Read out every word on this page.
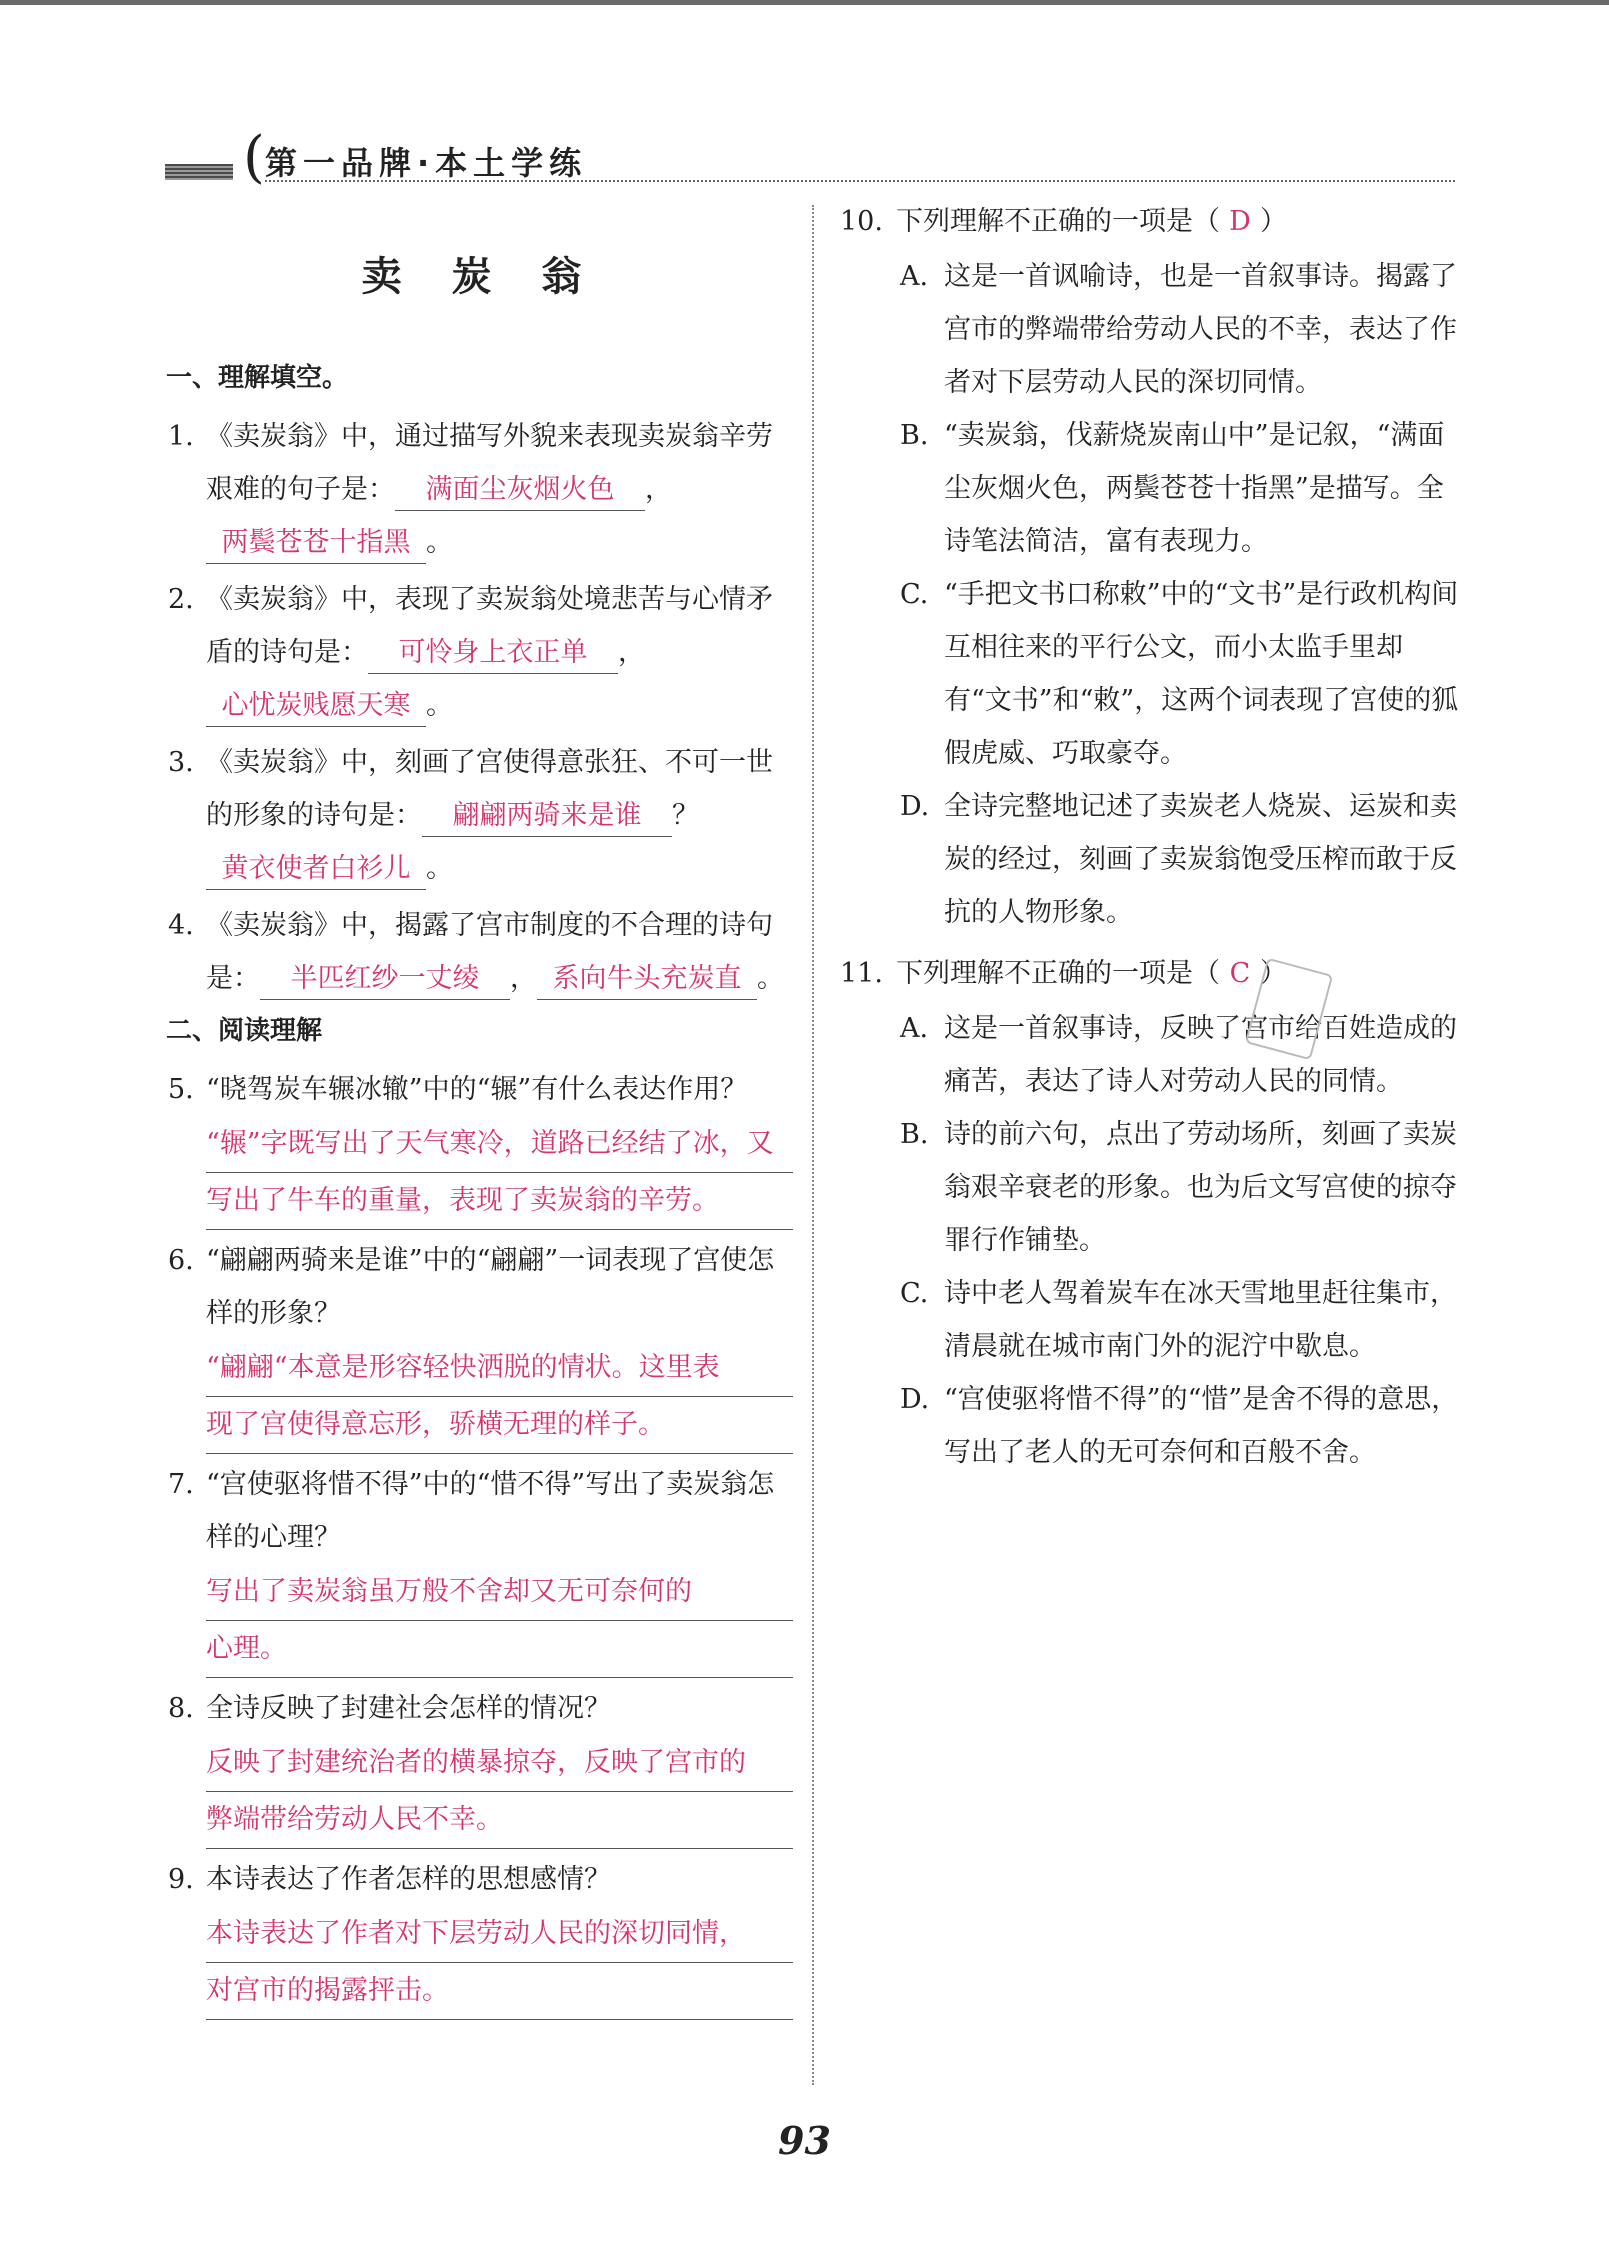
( 第一品牌·本土学练
卖 炭 翁
一、理解填空。
1. 《卖炭翁》中，通过描写外貌来表现卖炭翁辛劳艰难的句子是： 满面尘灰烟火色 ，两鬓苍苍十指黑 。
2. 《卖炭翁》中，表现了卖炭翁处境悲苦与心情矛盾的诗句是： 可怜身上衣正单 ，心忧炭贱愿天寒 。
3. 《卖炭翁》中，刻画了宫使得意张狂、不可一世的形象的诗句是： 翩翩两骑来是谁 ？黄衣使者白衫儿 。
4. 《卖炭翁》中，揭露了宫市制度的不合理的诗句是： 半匹红纱一丈绫 ， 系向牛头充炭直 。
二、阅读理解
5. “晓驾炭车辗冰辙”中的“辗”有什么表达作用？
“辗”字既写出了天气寒冷，道路已经结了冰，又
写出了牛车的重量，表现了卖炭翁的辛劳。
6. “翩翩两骑来是谁”中的“翩翩”一词表现了宫使怎样的形象？
“翩翩“本意是形容轻快洒脱的情状。这里表
现了宫使得意忘形，骄横无理的样子。
7. “宫使驱将惜不得”中的“惜不得”写出了卖炭翁怎样的心理？
写出了卖炭翁虽万般不舍却又无可奈何的
心理。
8. 全诗反映了封建社会怎样的情况？
反映了封建统治者的横暴掠夺，反映了宫市的
弊端带给劳动人民不幸。
9. 本诗表达了作者怎样的思想感情？
本诗表达了作者对下层劳动人民的深切同情，
对宫市的揭露抨击。
10. 下列理解不正确的一项是（ D ）
A. 这是一首讽喻诗，也是一首叙事诗。揭露了宫市的弊端带给劳动人民的不幸，表达了作者对下层劳动人民的深切同情。
B. “卖炭翁，伐薪烧炭南山中”是记叙，“满面尘灰烟火色，两鬓苍苍十指黑”是描写。全诗笔法简洁，富有表现力。
C. “手把文书口称敕”中的“文书”是行政机构间互相往来的平行公文，而小太监手里却有“文书”和“敕”，这两个词表现了宫使的狐假虎威、巧取豪夺。
D. 全诗完整地记述了卖炭老人烧炭、运炭和卖炭的经过，刻画了卖炭翁饱受压榨而敢于反抗的人物形象。
11. 下列理解不正确的一项是（ C ）
A. 这是一首叙事诗，反映了宫市给百姓造成的痛苦，表达了诗人对劳动人民的同情。
B. 诗的前六句，点出了劳动场所，刻画了卖炭翁艰辛衰老的形象。也为后文写宫使的掠夺罪行作铺垫。
C. 诗中老人驾着炭车在冰天雪地里赶往集市，清晨就在城市南门外的泥泞中歇息。
D. “宫使驱将惜不得”的“惜”是舍不得的意思，写出了老人的无可奈何和百般不舍。
93
